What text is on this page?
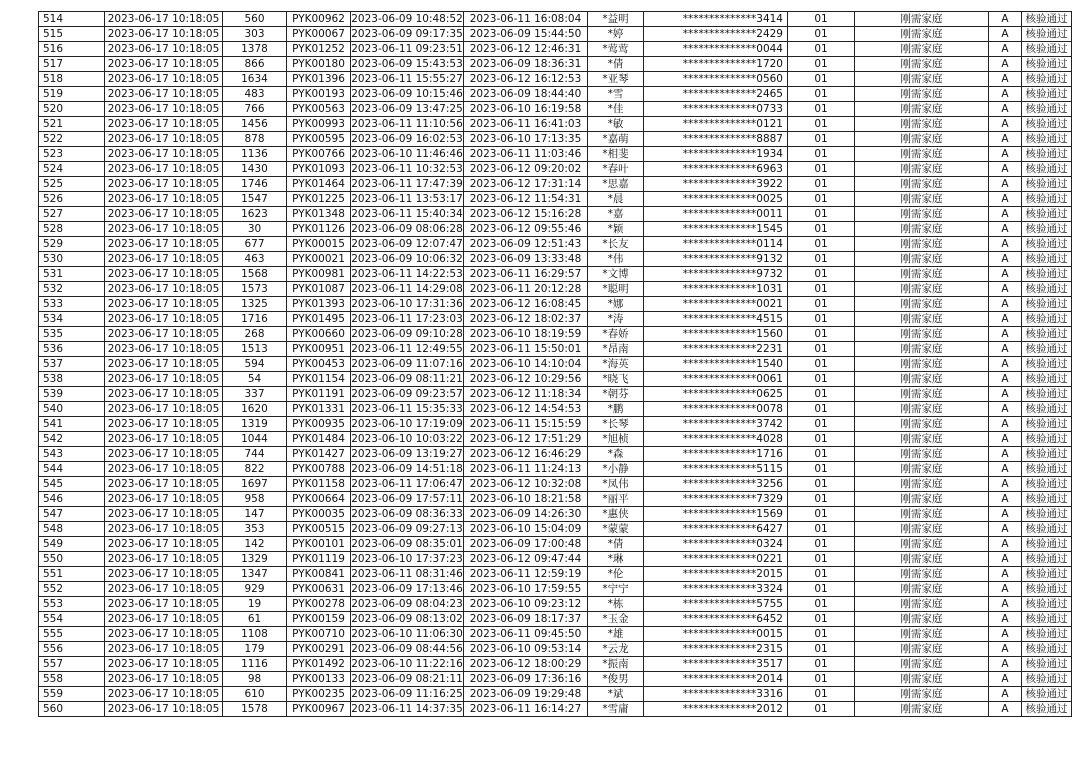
514	2023-06-17 10:18:05	560	PYK00962	2023-06-09 10:48:52	2023-06-11 16:08:04	*益明	**************3414	01	刚需家庭	A	核验通过
515	2023-06-17 10:18:05	303	PYK00067	2023-06-09 09:17:35	2023-06-09 15:44:50	*婷	**************2429	01	刚需家庭	A	核验通过
516	2023-06-17 10:18:05	1378	PYK01252	2023-06-11 09:23:51	2023-06-12 12:46:31	*莺莺	**************0044	01	刚需家庭	A	核验通过
517	2023-06-17 10:18:05	866	PYK00180	2023-06-09 15:43:53	2023-06-09 18:36:31	*倩	**************1720	01	刚需家庭	A	核验通过
518	2023-06-17 10:18:05	1634	PYK01396	2023-06-11 15:55:27	2023-06-12 16:12:53	*亚琴	**************0560	01	刚需家庭	A	核验通过
519	2023-06-17 10:18:05	483	PYK00193	2023-06-09 10:15:46	2023-06-09 18:44:40	*雪	**************2465	01	刚需家庭	A	核验通过
520	2023-06-17 10:18:05	766	PYK00563	2023-06-09 13:47:25	2023-06-10 16:19:58	*佳	**************0733	01	刚需家庭	A	核验通过
521	2023-06-17 10:18:05	1456	PYK00993	2023-06-11 11:10:56	2023-06-11 16:41:03	*敏	**************0121	01	刚需家庭	A	核验通过
522	2023-06-17 10:18:05	878	PYK00595	2023-06-09 16:02:53	2023-06-10 17:13:35	*嘉萌	**************8887	01	刚需家庭	A	核验通过
523	2023-06-17 10:18:05	1136	PYK00766	2023-06-10 11:46:46	2023-06-11 11:03:46	*相斐	**************1934	01	刚需家庭	A	核验通过
524	2023-06-17 10:18:05	1430	PYK01093	2023-06-11 10:32:53	2023-06-12 09:20:02	*春叶	**************6963	01	刚需家庭	A	核验通过
525	2023-06-17 10:18:05	1746	PYK01464	2023-06-11 17:47:39	2023-06-12 17:31:14	*思嘉	**************3922	01	刚需家庭	A	核验通过
526	2023-06-17 10:18:05	1547	PYK01225	2023-06-11 13:53:17	2023-06-12 11:54:31	*晨	**************0025	01	刚需家庭	A	核验通过
527	2023-06-17 10:18:05	1623	PYK01348	2023-06-11 15:40:34	2023-06-12 15:16:28	*嘉	**************0011	01	刚需家庭	A	核验通过
528	2023-06-17 10:18:05	30	PYK01126	2023-06-09 08:06:28	2023-06-12 09:55:46	*颖	**************1545	01	刚需家庭	A	核验通过
529	2023-06-17 10:18:05	677	PYK00015	2023-06-09 12:07:47	2023-06-09 12:51:43	*长友	**************0114	01	刚需家庭	A	核验通过
530	2023-06-17 10:18:05	463	PYK00021	2023-06-09 10:06:32	2023-06-09 13:33:48	*伟	**************9132	01	刚需家庭	A	核验通过
531	2023-06-17 10:18:05	1568	PYK00981	2023-06-11 14:22:53	2023-06-11 16:29:57	*文博	**************9732	01	刚需家庭	A	核验通过
532	2023-06-17 10:18:05	1573	PYK01087	2023-06-11 14:29:08	2023-06-11 20:12:28	*聪明	**************1031	01	刚需家庭	A	核验通过
533	2023-06-17 10:18:05	1325	PYK01393	2023-06-10 17:31:36	2023-06-12 16:08:45	*娜	**************0021	01	刚需家庭	A	核验通过
534	2023-06-17 10:18:05	1716	PYK01495	2023-06-11 17:23:03	2023-06-12 18:02:37	*涛	**************4515	01	刚需家庭	A	核验通过
535	2023-06-17 10:18:05	268	PYK00660	2023-06-09 09:10:28	2023-06-10 18:19:59	*春娇	**************1560	01	刚需家庭	A	核验通过
536	2023-06-17 10:18:05	1513	PYK00951	2023-06-11 12:49:55	2023-06-11 15:50:01	*昂南	**************2231	01	刚需家庭	A	核验通过
537	2023-06-17 10:18:05	594	PYK00453	2023-06-09 11:07:16	2023-06-10 14:10:04	*海英	**************1540	01	刚需家庭	A	核验通过
538	2023-06-17 10:18:05	54	PYK01154	2023-06-09 08:11:21	2023-06-12 10:29:56	*晓飞	**************0061	01	刚需家庭	A	核验通过
539	2023-06-17 10:18:05	337	PYK01191	2023-06-09 09:23:57	2023-06-12 11:18:34	*朝芬	**************0625	01	刚需家庭	A	核验通过
540	2023-06-17 10:18:05	1620	PYK01331	2023-06-11 15:35:33	2023-06-12 14:54:53	*鹏	**************0078	01	刚需家庭	A	核验通过
541	2023-06-17 10:18:05	1319	PYK00935	2023-06-10 17:19:09	2023-06-11 15:15:59	*长琴	**************3742	01	刚需家庭	A	核验通过
542	2023-06-17 10:18:05	1044	PYK01484	2023-06-10 10:03:22	2023-06-12 17:51:29	*旭桢	**************4028	01	刚需家庭	A	核验通过
543	2023-06-17 10:18:05	744	PYK01427	2023-06-09 13:19:27	2023-06-12 16:46:29	*森	**************1716	01	刚需家庭	A	核验通过
544	2023-06-17 10:18:05	822	PYK00788	2023-06-09 14:51:18	2023-06-11 11:24:13	*小静	**************5115	01	刚需家庭	A	核验通过
545	2023-06-17 10:18:05	1697	PYK01158	2023-06-11 17:06:47	2023-06-12 10:32:08	*凤伟	**************3256	01	刚需家庭	A	核验通过
546	2023-06-17 10:18:05	958	PYK00664	2023-06-09 17:57:11	2023-06-10 18:21:58	*丽平	**************7329	01	刚需家庭	A	核验通过
547	2023-06-17 10:18:05	147	PYK00035	2023-06-09 08:36:33	2023-06-09 14:26:30	*惠侠	**************1569	01	刚需家庭	A	核验通过
548	2023-06-17 10:18:05	353	PYK00515	2023-06-09 09:27:13	2023-06-10 15:04:09	*蒙蒙	**************6427	01	刚需家庭	A	核验通过
549	2023-06-17 10:18:05	142	PYK00101	2023-06-09 08:35:01	2023-06-09 17:00:48	*倩	**************0324	01	刚需家庭	A	核验通过
550	2023-06-17 10:18:05	1329	PYK01119	2023-06-10 17:37:23	2023-06-12 09:47:44	*琳	**************0221	01	刚需家庭	A	核验通过
551	2023-06-17 10:18:05	1347	PYK00841	2023-06-11 08:31:46	2023-06-11 12:59:19	*伦	**************2015	01	刚需家庭	A	核验通过
552	2023-06-17 10:18:05	929	PYK00631	2023-06-09 17:13:46	2023-06-10 17:59:55	*宁宁	**************3324	01	刚需家庭	A	核验通过
553	2023-06-17 10:18:05	19	PYK00278	2023-06-09 08:04:23	2023-06-10 09:23:12	*栋	**************5755	01	刚需家庭	A	核验通过
554	2023-06-17 10:18:05	61	PYK00159	2023-06-09 08:13:02	2023-06-09 18:17:37	*玉金	**************6452	01	刚需家庭	A	核验通过
555	2023-06-17 10:18:05	1108	PYK00710	2023-06-10 11:06:30	2023-06-11 09:45:50	*雄	**************0015	01	刚需家庭	A	核验通过
556	2023-06-17 10:18:05	179	PYK00291	2023-06-09 08:44:56	2023-06-10 09:53:14	*云龙	**************2315	01	刚需家庭	A	核验通过
557	2023-06-17 10:18:05	1116	PYK01492	2023-06-10 11:22:16	2023-06-12 18:00:29	*振南	**************3517	01	刚需家庭	A	核验通过
558	2023-06-17 10:18:05	98	PYK00133	2023-06-09 08:21:11	2023-06-09 17:36:16	*俊男	**************2014	01	刚需家庭	A	核验通过
559	2023-06-17 10:18:05	610	PYK00235	2023-06-09 11:16:25	2023-06-09 19:29:48	*斌	**************3316	01	刚需家庭	A	核验通过
560	2023-06-17 10:18:05	1578	PYK00967	2023-06-11 14:37:35	2023-06-11 16:14:27	*雪庸	**************2012	01	刚需家庭	A	核验通过
